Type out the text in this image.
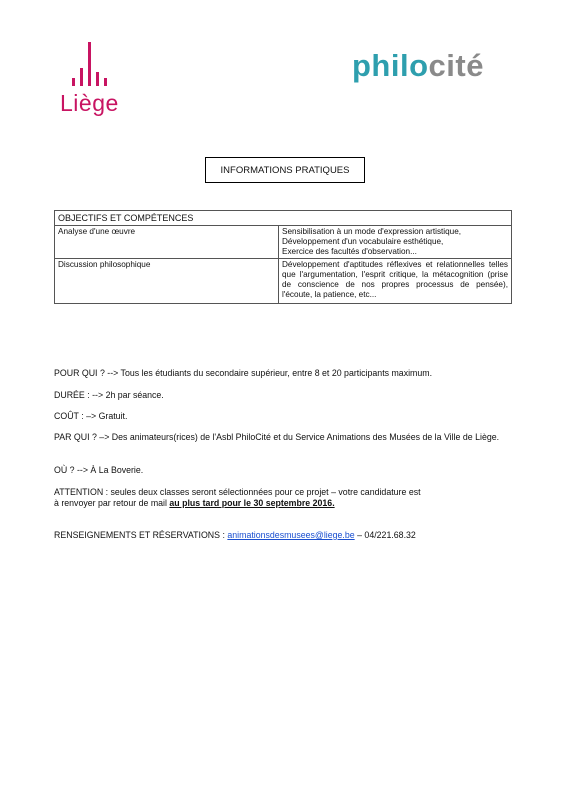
Liège
philocité
INFORMATIONS PRATIQUES
OBJECTIFS ET COMPÉTENCES	
Analyse d'une œuvre	Sensibilisation à un mode d'expression artistique,
Développement d'un vocabulaire esthétique,
Exercice des facultés d'observation...

Discussion philosophique	Développement d'aptitudes réflexives et relationnelles telles que l'argumentation, l'esprit critique, la métacognition (prise de conscience de nos propres processus de pensée), l'écoute, la patience, etc...
POUR QUI ? --> Tous les étudiants du secondaire supérieur, entre 8 et 20 participants maximum.
DURÉE : --> 2h par séance.
COÛT : –> Gratuit.
PAR QUI ? –> Des animateurs(rices) de l'Asbl PhiloCité et du Service Animations des Musées de la Ville de Liège.
OÙ ? --> À La Boverie.
ATTENTION : seules deux classes seront sélectionnées pour ce projet – votre candidature est
à renvoyer par retour de mail au plus tard pour le 30 septembre 2016.
RENSEIGNEMENTS ET RÉSERVATIONS : animationsdesmusees@liege.be – 04/221.68.32
